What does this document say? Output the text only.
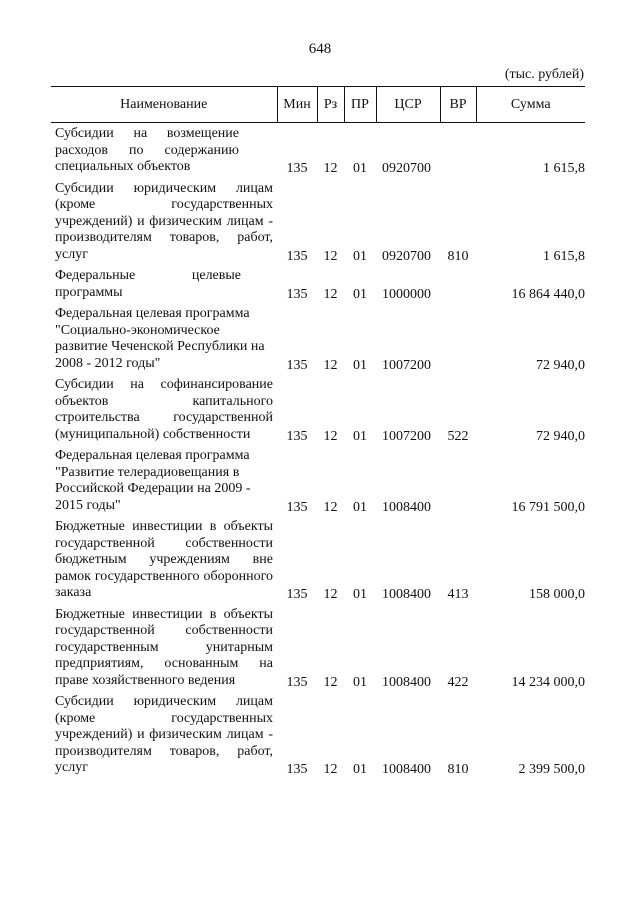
648
(тыс. рублей)
Наименование	Мин	Рз	ПР	ЦСР	ВР	Сумма
Субсидии на возмещение расходов по содержанию специальных объектов	135	12	01	0920700		1 615,8
Субсидии юридическим лицам (кроме государственных учреждений) и физическим лицам - производителям товаров, работ, услуг	135	12	01	0920700	810	1 615,8
Федеральные целевые программы	135	12	01	1000000		16 864 440,0
Федеральная целевая программа "Социально-экономическое развитие Чеченской Республики на 2008 - 2012 годы"	135	12	01	1007200		72 940,0
Субсидии на софинансирование объектов капитального строительства государственной (муниципальной) собственности	135	12	01	1007200	522	72 940,0
Федеральная целевая программа "Развитие телерадиовещания в Российской Федерации на 2009 - 2015 годы"	135	12	01	1008400		16 791 500,0
Бюджетные инвестиции в объекты государственной собственности бюджетным учреждениям вне рамок государственного оборонного заказа	135	12	01	1008400	413	158 000,0
Бюджетные инвестиции в объекты государственной собственности государственным унитарным предприятиям, основанным на праве хозяйственного ведения	135	12	01	1008400	422	14 234 000,0
Субсидии юридическим лицам (кроме государственных учреждений) и физическим лицам - производителям товаров, работ, услуг	135	12	01	1008400	810	2 399 500,0
